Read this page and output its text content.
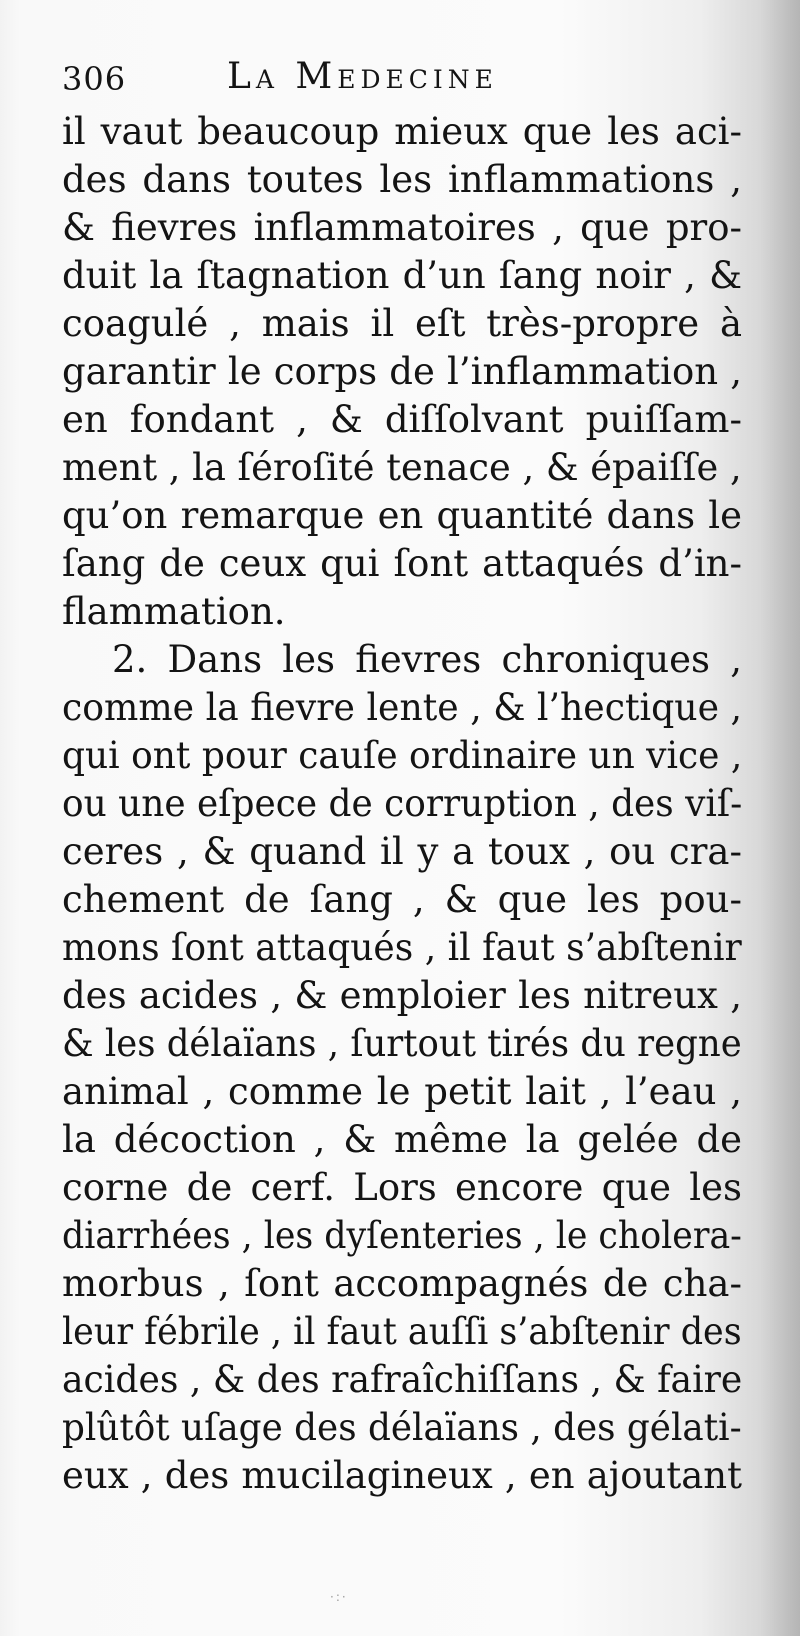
306	La Medecine
il vaut beaucoup mieux que les aci-
des dans toutes les inflammations ,
& fievres inflammatoires , que pro-
duit la ſtagnation d’un ſang noir , &
coagulé , mais il eſt très-propre à
garantir le corps de l’inflammation ,
en fondant , & diſſolvant puiſſam-
ment , la ſéroſité tenace , & épaiſſe ,
qu’on remarque en quantité dans le
ſang de ceux qui ſont attaqués d’in-
flammation.
2. Dans les fievres chroniques ,
comme la fievre lente , & l’hectique ,
qui ont pour cauſe ordinaire un vice ,
ou une eſpece de corruption , des viſ-
ceres , & quand il y a toux , ou cra-
chement de ſang , & que les pou-
mons ſont attaqués , il faut s’abſtenir
des acides , & emploier les nitreux ,
& les délaïans , ſurtout tirés du regne
animal , comme le petit lait , l’eau ,
la décoction , & même la gelée de
corne de cerf. Lors encore que les
diarrhées , les dyſenteries , le cholera-
morbus , ſont accompagnés de cha-
leur fébrile , il faut auſſi s’abſtenir des
acides , & des rafraîchiſſans , & faire
plûtôt uſage des délaïans , des gélati-
eux , des mucilagineux , en ajoutant
·:·
